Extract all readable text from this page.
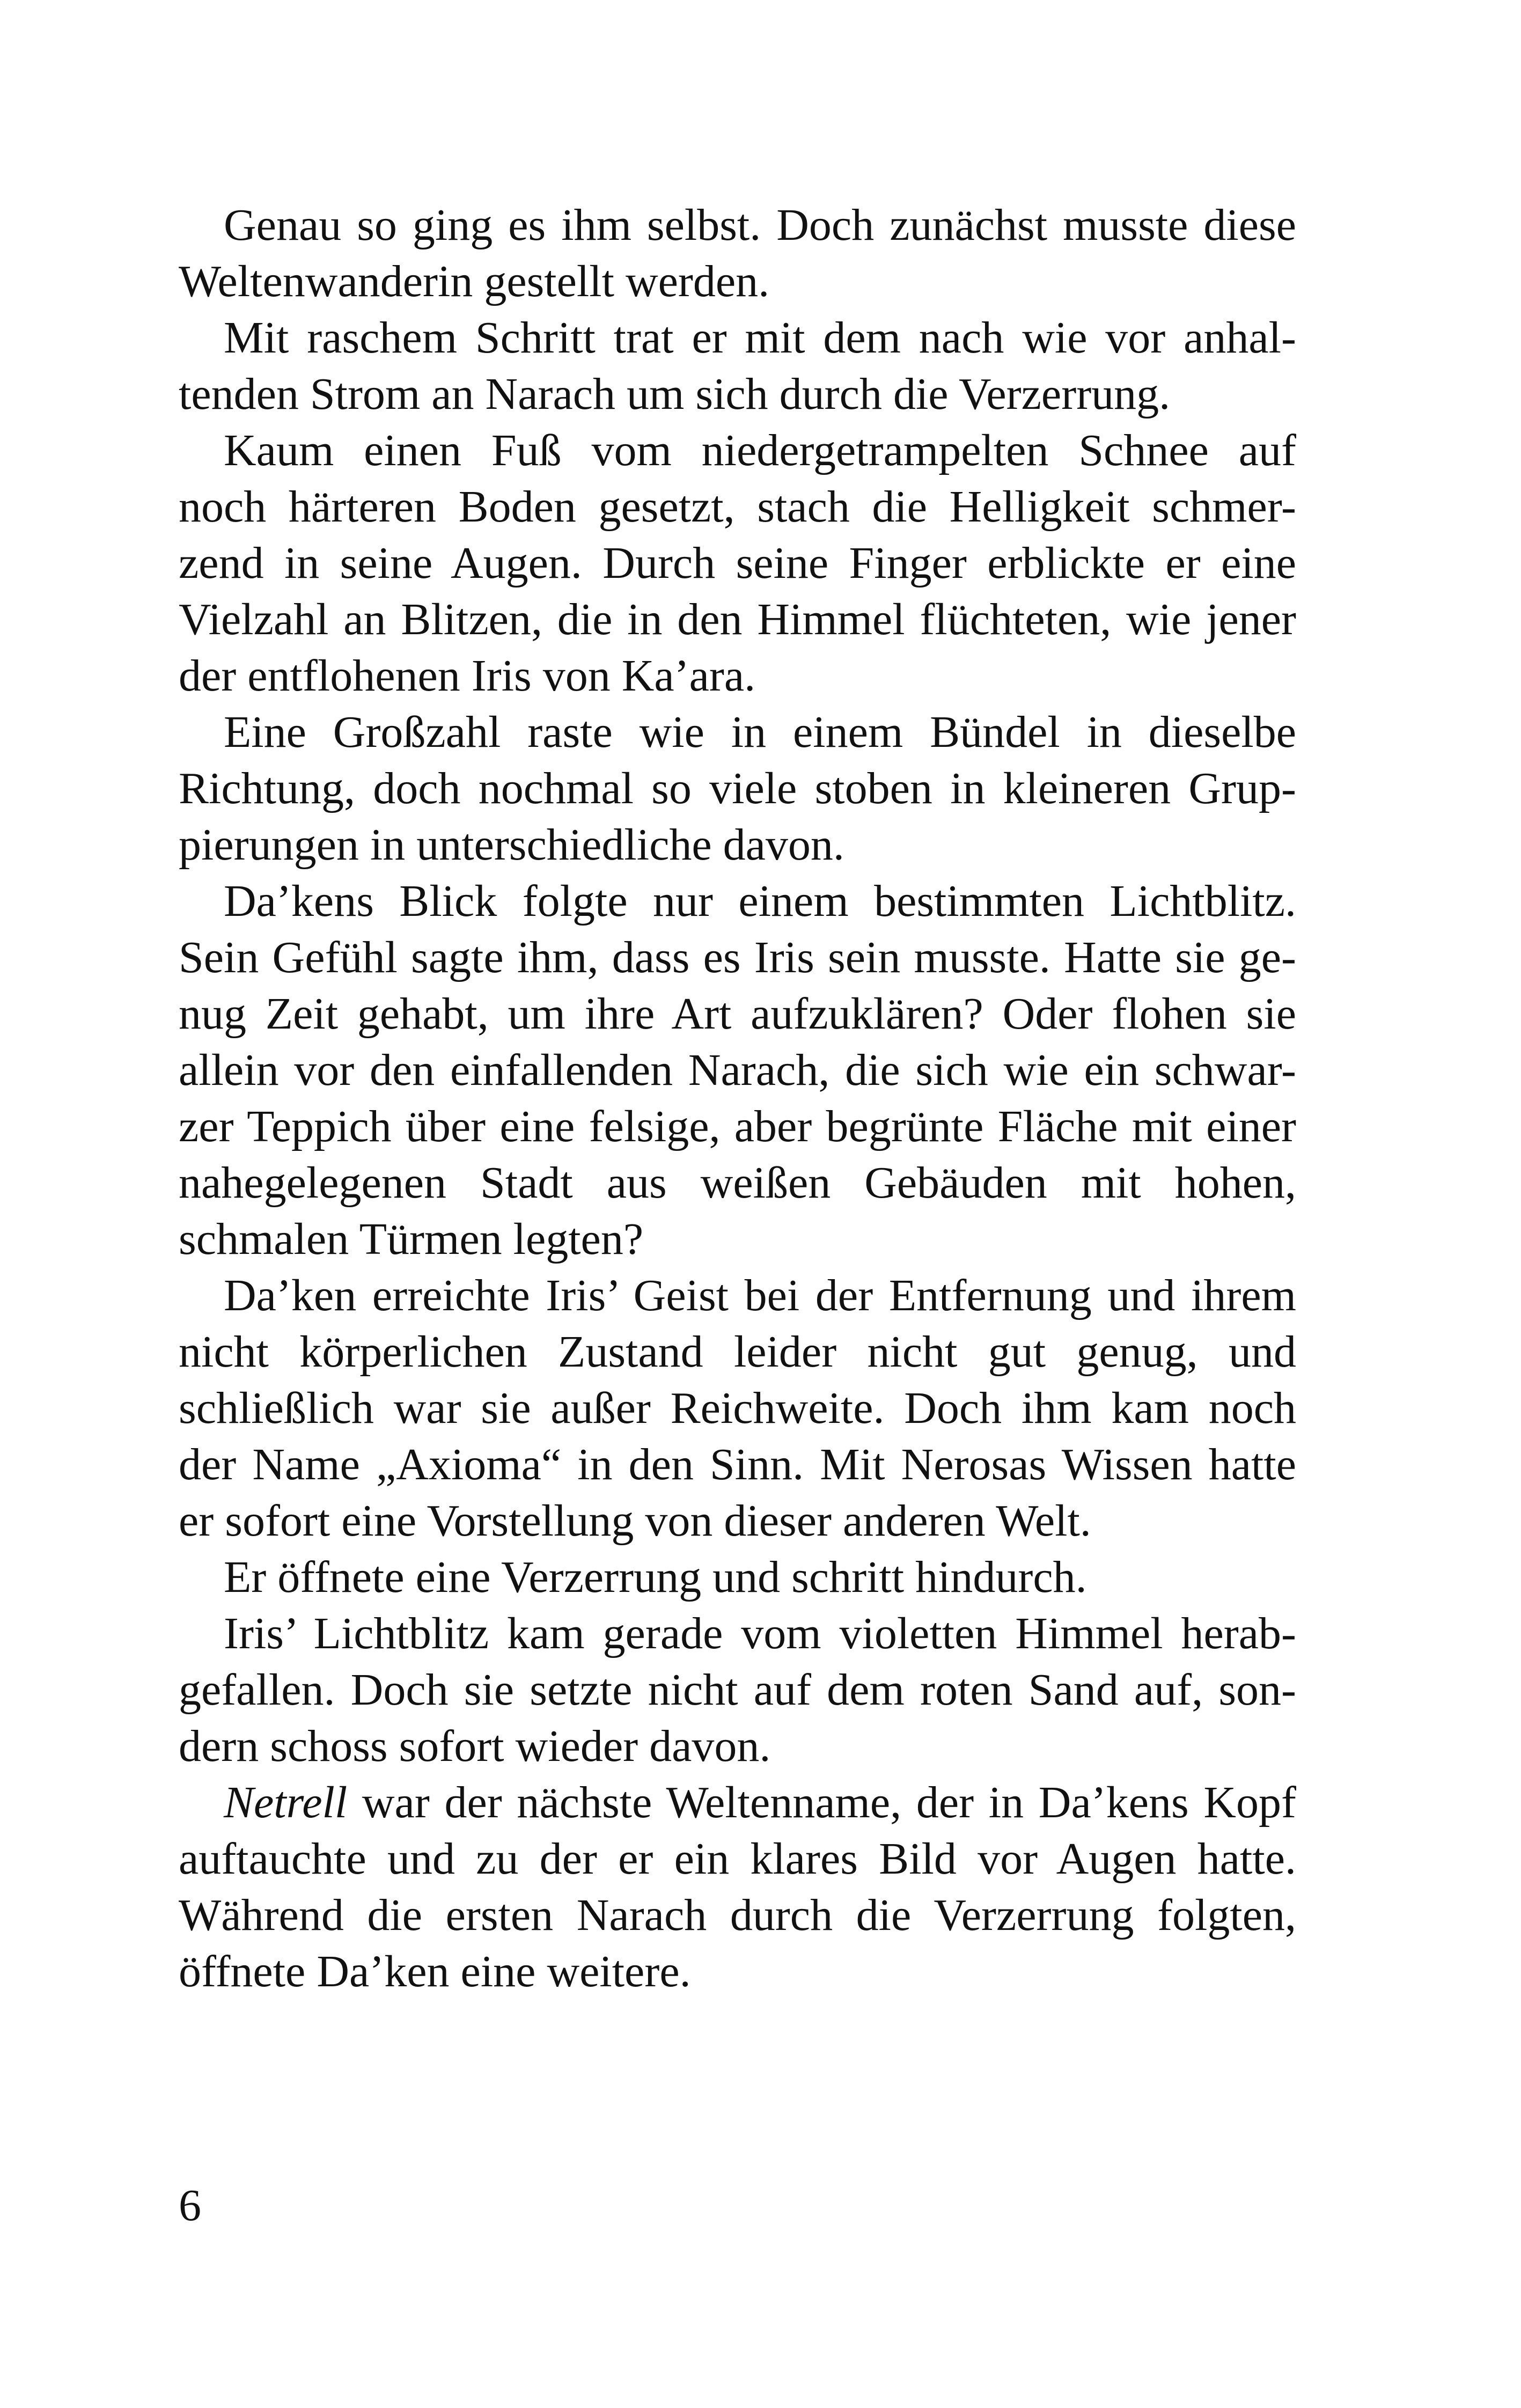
Genau so ging es ihm selbst. Doch zunächst musste diese
Weltenwanderin gestellt werden.
Mit raschem Schritt trat er mit dem nach wie vor anhal-
tenden Strom an Narach um sich durch die Verzerrung.
Kaum einen Fuß vom niedergetrampelten Schnee auf
noch härteren Boden gesetzt, stach die Helligkeit schmer-
zend in seine Augen. Durch seine Finger erblickte er eine
Vielzahl an Blitzen, die in den Himmel flüchteten, wie jener
der entflohenen Iris von Ka’ara.
Eine Großzahl raste wie in einem Bündel in dieselbe
Richtung, doch nochmal so viele stoben in kleineren Grup-
pierungen in unterschiedliche davon.
Da’kens Blick folgte nur einem bestimmten Lichtblitz.
Sein Gefühl sagte ihm, dass es Iris sein musste. Hatte sie ge-
nug Zeit gehabt, um ihre Art aufzuklären? Oder flohen sie
allein vor den einfallenden Narach, die sich wie ein schwar-
zer Teppich über eine felsige, aber begrünte Fläche mit einer
nahegelegenen Stadt aus weißen Gebäuden mit hohen,
schmalen Türmen legten?
Da’ken erreichte Iris’ Geist bei der Entfernung und ihrem
nicht körperlichen Zustand leider nicht gut genug, und
schließlich war sie außer Reichweite. Doch ihm kam noch
der Name „Axioma“ in den Sinn. Mit Nerosas Wissen hatte
er sofort eine Vorstellung von dieser anderen Welt.
Er öffnete eine Verzerrung und schritt hindurch.
Iris’ Lichtblitz kam gerade vom violetten Himmel herab-
gefallen. Doch sie setzte nicht auf dem roten Sand auf, son-
dern schoss sofort wieder davon.
Netrell war der nächste Weltenname, der in Da’kens Kopf
auftauchte und zu der er ein klares Bild vor Augen hatte.
Während die ersten Narach durch die Verzerrung folgten,
öffnete Da’ken eine weitere.
6
